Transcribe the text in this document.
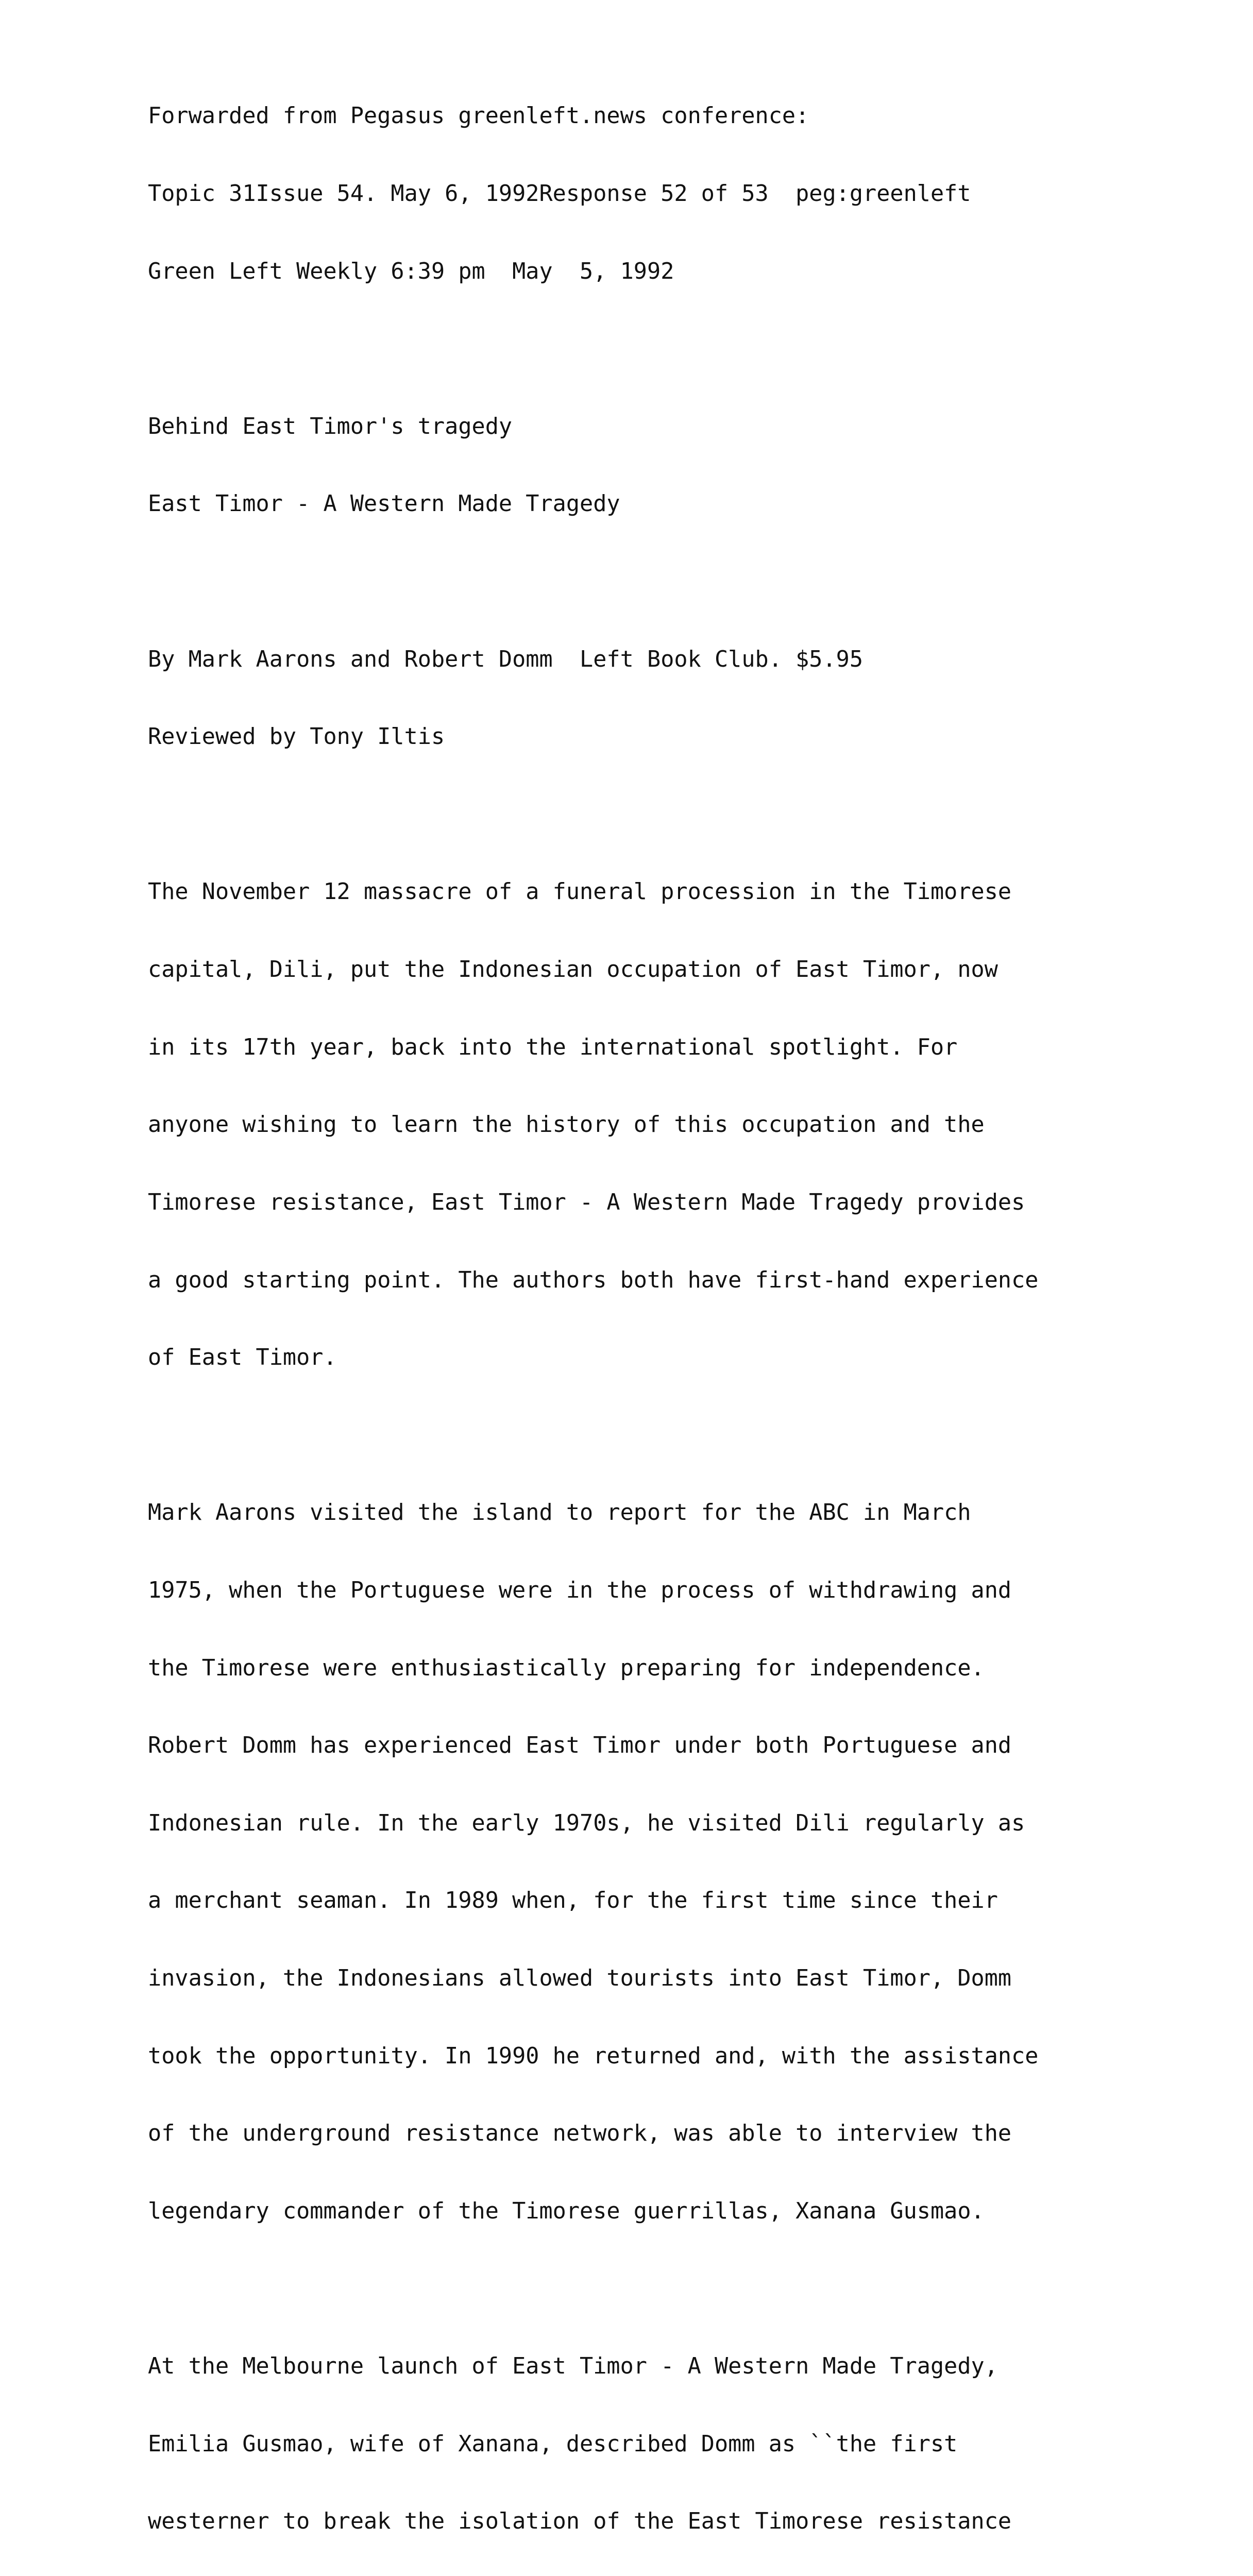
Forwarded from Pegasus greenleft.news conference:

Topic 31Issue 54. May 6, 1992Response 52 of 53  peg:greenleft

Green Left Weekly 6:39 pm  May  5, 1992

Behind East Timor's tragedy

East Timor - A Western Made Tragedy

By Mark Aarons and Robert Domm  Left Book Club. $5.95

Reviewed by Tony Iltis

The November 12 massacre of a funeral procession in the Timorese

capital, Dili, put the Indonesian occupation of East Timor, now

in its 17th year, back into the international spotlight. For

anyone wishing to learn the history of this occupation and the

Timorese resistance, East Timor - A Western Made Tragedy provides

a good starting point. The authors both have first-hand experience

of East Timor.

Mark Aarons visited the island to report for the ABC in March

1975, when the Portuguese were in the process of withdrawing and

the Timorese were enthusiastically preparing for independence.

Robert Domm has experienced East Timor under both Portuguese and

Indonesian rule. In the early 1970s, he visited Dili regularly as

a merchant seaman. In 1989 when, for the first time since their

invasion, the Indonesians allowed tourists into East Timor, Domm

took the opportunity. In 1990 he returned and, with the assistance

of the underground resistance network, was able to interview the

legendary commander of the Timorese guerrillas, Xanana Gusmao.

At the Melbourne launch of East Timor - A Western Made Tragedy,

Emilia Gusmao, wife of Xanana, described Domm as ``the first

westerner to break the isolation of the East Timorese resistance
